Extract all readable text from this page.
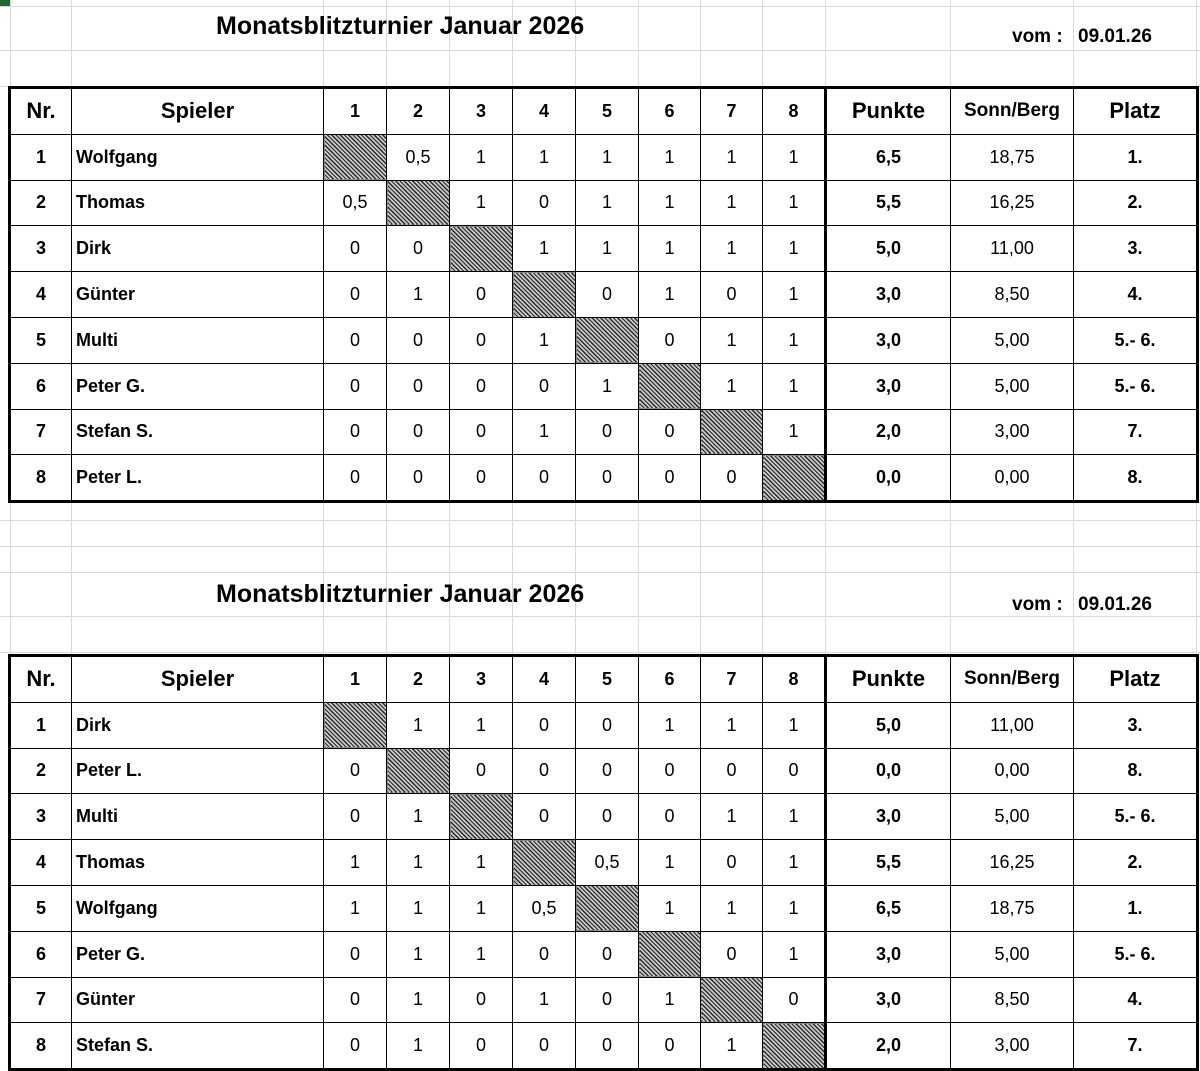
Monatsblitzturnier Januar 2026	vom : 09.01.26
Nr.	Spieler	1	2	3	4	5	6	7	8	Punkte	Sonn/Berg	Platz
1	Wolfgang		0,5	1	1	1	1	1	1	6,5	18,75	1.
2	Thomas	0,5		1	0	1	1	1	1	5,5	16,25	2.
3	Dirk	0	0		1	1	1	1	1	5,0	11,00	3.
4	Günter	0	1	0		0	1	0	1	3,0	8,50	4.
5	Multi	0	0	0	1		0	1	1	3,0	5,00	5.- 6.
6	Peter G.	0	0	0	0	1		1	1	3,0	5,00	5.- 6.
7	Stefan S.	0	0	0	1	0	0		1	2,0	3,00	7.
8	Peter L.	0	0	0	0	0	0	0		0,0	0,00	8.
Monatsblitzturnier Januar 2026	vom : 09.01.26
Nr.	Spieler	1	2	3	4	5	6	7	8	Punkte	Sonn/Berg	Platz
1	Dirk		1	1	0	0	1	1	1	5,0	11,00	3.
2	Peter L.	0		0	0	0	0	0	0	0,0	0,00	8.
3	Multi	0	1		0	0	0	1	1	3,0	5,00	5.- 6.
4	Thomas	1	1	1		0,5	1	0	1	5,5	16,25	2.
5	Wolfgang	1	1	1	0,5		1	1	1	6,5	18,75	1.
6	Peter G.	0	1	1	0	0		0	1	3,0	5,00	5.- 6.
7	Günter	0	1	0	1	0	1		0	3,0	8,50	4.
8	Stefan S.	0	1	0	0	0	0	1		2,0	3,00	7.
